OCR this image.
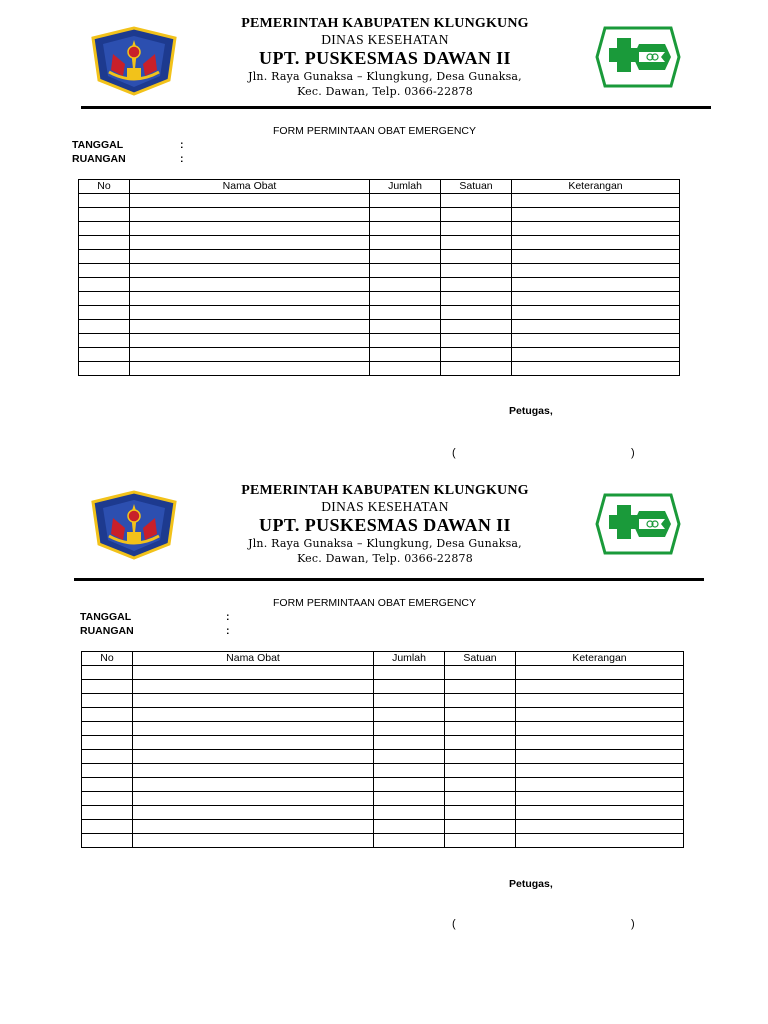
PEMERINTAH KABUPATEN KLUNGKUNG
DINAS KESEHATAN
UPT. PUSKESMAS DAWAN II
Jln. Raya Gunaksa – Klungkung, Desa Gunaksa,
Kec. Dawan, Telp. 0366-22878
FORM PERMINTAAN OBAT EMERGENCY
TANGGAL	:
RUANGAN	:
No	Nama Obat	Jumlah	Satuan	Keterangan

Petugas,
(	)
PEMERINTAH KABUPATEN KLUNGKUNG
DINAS KESEHATAN
UPT. PUSKESMAS DAWAN II
Jln. Raya Gunaksa – Klungkung, Desa Gunaksa,
Kec. Dawan, Telp. 0366-22878
FORM PERMINTAAN OBAT EMERGENCY
TANGGAL	:
RUANGAN	:
No	Nama Obat	Jumlah	Satuan	Keterangan

Petugas,
(	)
